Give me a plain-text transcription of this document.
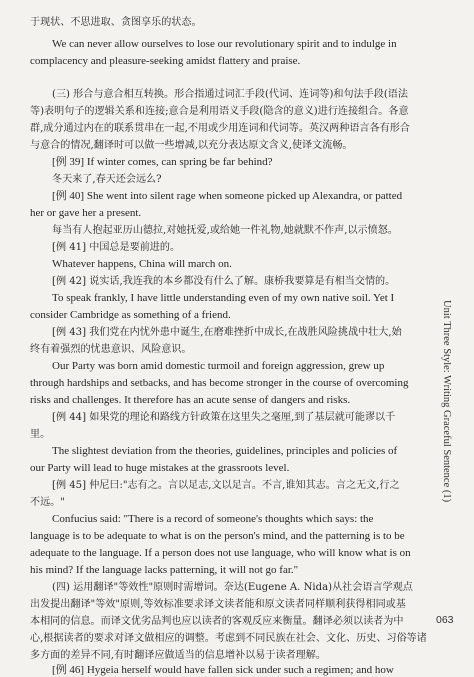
于现状、不思进取、贪图享乐的状态。
We can never allow ourselves to lose our revolutionary spirit and to indulge in
complacency and pleasure-seeking amidst flattery and praise.
(三) 形合与意合相互转换。形合指通过词汇手段(代词、连词等)和句法手段(语法
等)表明句子的逻辑关系和连接;意合是利用语义手段(隐含的意义)进行连接组合。各意
群,成分通过内在的联系贯串在一起,不用或少用连词和代词等。英汉两种语言各有形合
与意合的情况,翻译时可以做一些增减,以充分表达原文含义,使译文流畅。
[例 39] If winter comes, can spring be far behind?
冬天来了,春天还会远么?
[例 40] She went into silent rage when someone picked up Alexandra, or patted
her or gave her a present.
每当有人抱起亚历山德拉,对她抚爱,或给她一件礼物,她就默不作声,以示愤怒。
[例 41] 中国总是要前进的。
Whatever happens, China will march on.
[例 42] 说实话,我连我的本乡都没有什么了解。康桥我要算是有相当交情的。
To speak frankly, I have little understanding even of my own native soil. Yet I
consider Cambridge as something of a friend.
[例 43] 我们党在内忧外患中诞生,在磨难挫折中成长,在战胜风险挑战中壮大,始
终有着强烈的忧患意识、风险意识。
Our Party was born amid domestic turmoil and foreign aggression, grew up
through hardships and setbacks, and has become stronger in the course of overcoming
risks and challenges. It therefore has an acute sense of dangers and risks.
[例 44] 如果党的理论和路线方针政策在这里失之毫厘,到了基层就可能谬以千
里。
The slightest deviation from the theories, guidelines, principles and policies of
our Party will lead to huge mistakes at the grassroots level.
[例 45] 仲尼曰:"志有之。言以足志,文以足言。不言,谁知其志。言之无文,行之
不远。"
Confucius said: "There is a record of someone's thoughts which says: the
language is to be adequate to what is on the person's mind, and the patterning is to be
adequate to the language. If a person does not use language, who will know what is on
his mind? If the language lacks patterning, it will not go far."
(四) 运用翻译"等效性"原则时需增词。奈达(Eugene A. Nida)从社会语言学观点
出发提出翻译"等效"原则,等效标准要求译文读者能和原文读者同样顺利获得相同或基
本相同的信息。而译文优劣品判也应以读者的客观反应来衡量。翻译必须以读者为中
心,根据读者的要求对译文做相应的调整。考虑到不同民族在社会、文化、历史、习俗等诸
多方面的差异不同,有时翻译应做适当的信息增补以易于读者理解。
[例 46] Hygeia herself would have fallen sick under such a regimen; and how
Unit Three Style: Writing Graceful Sentence (1)
063
